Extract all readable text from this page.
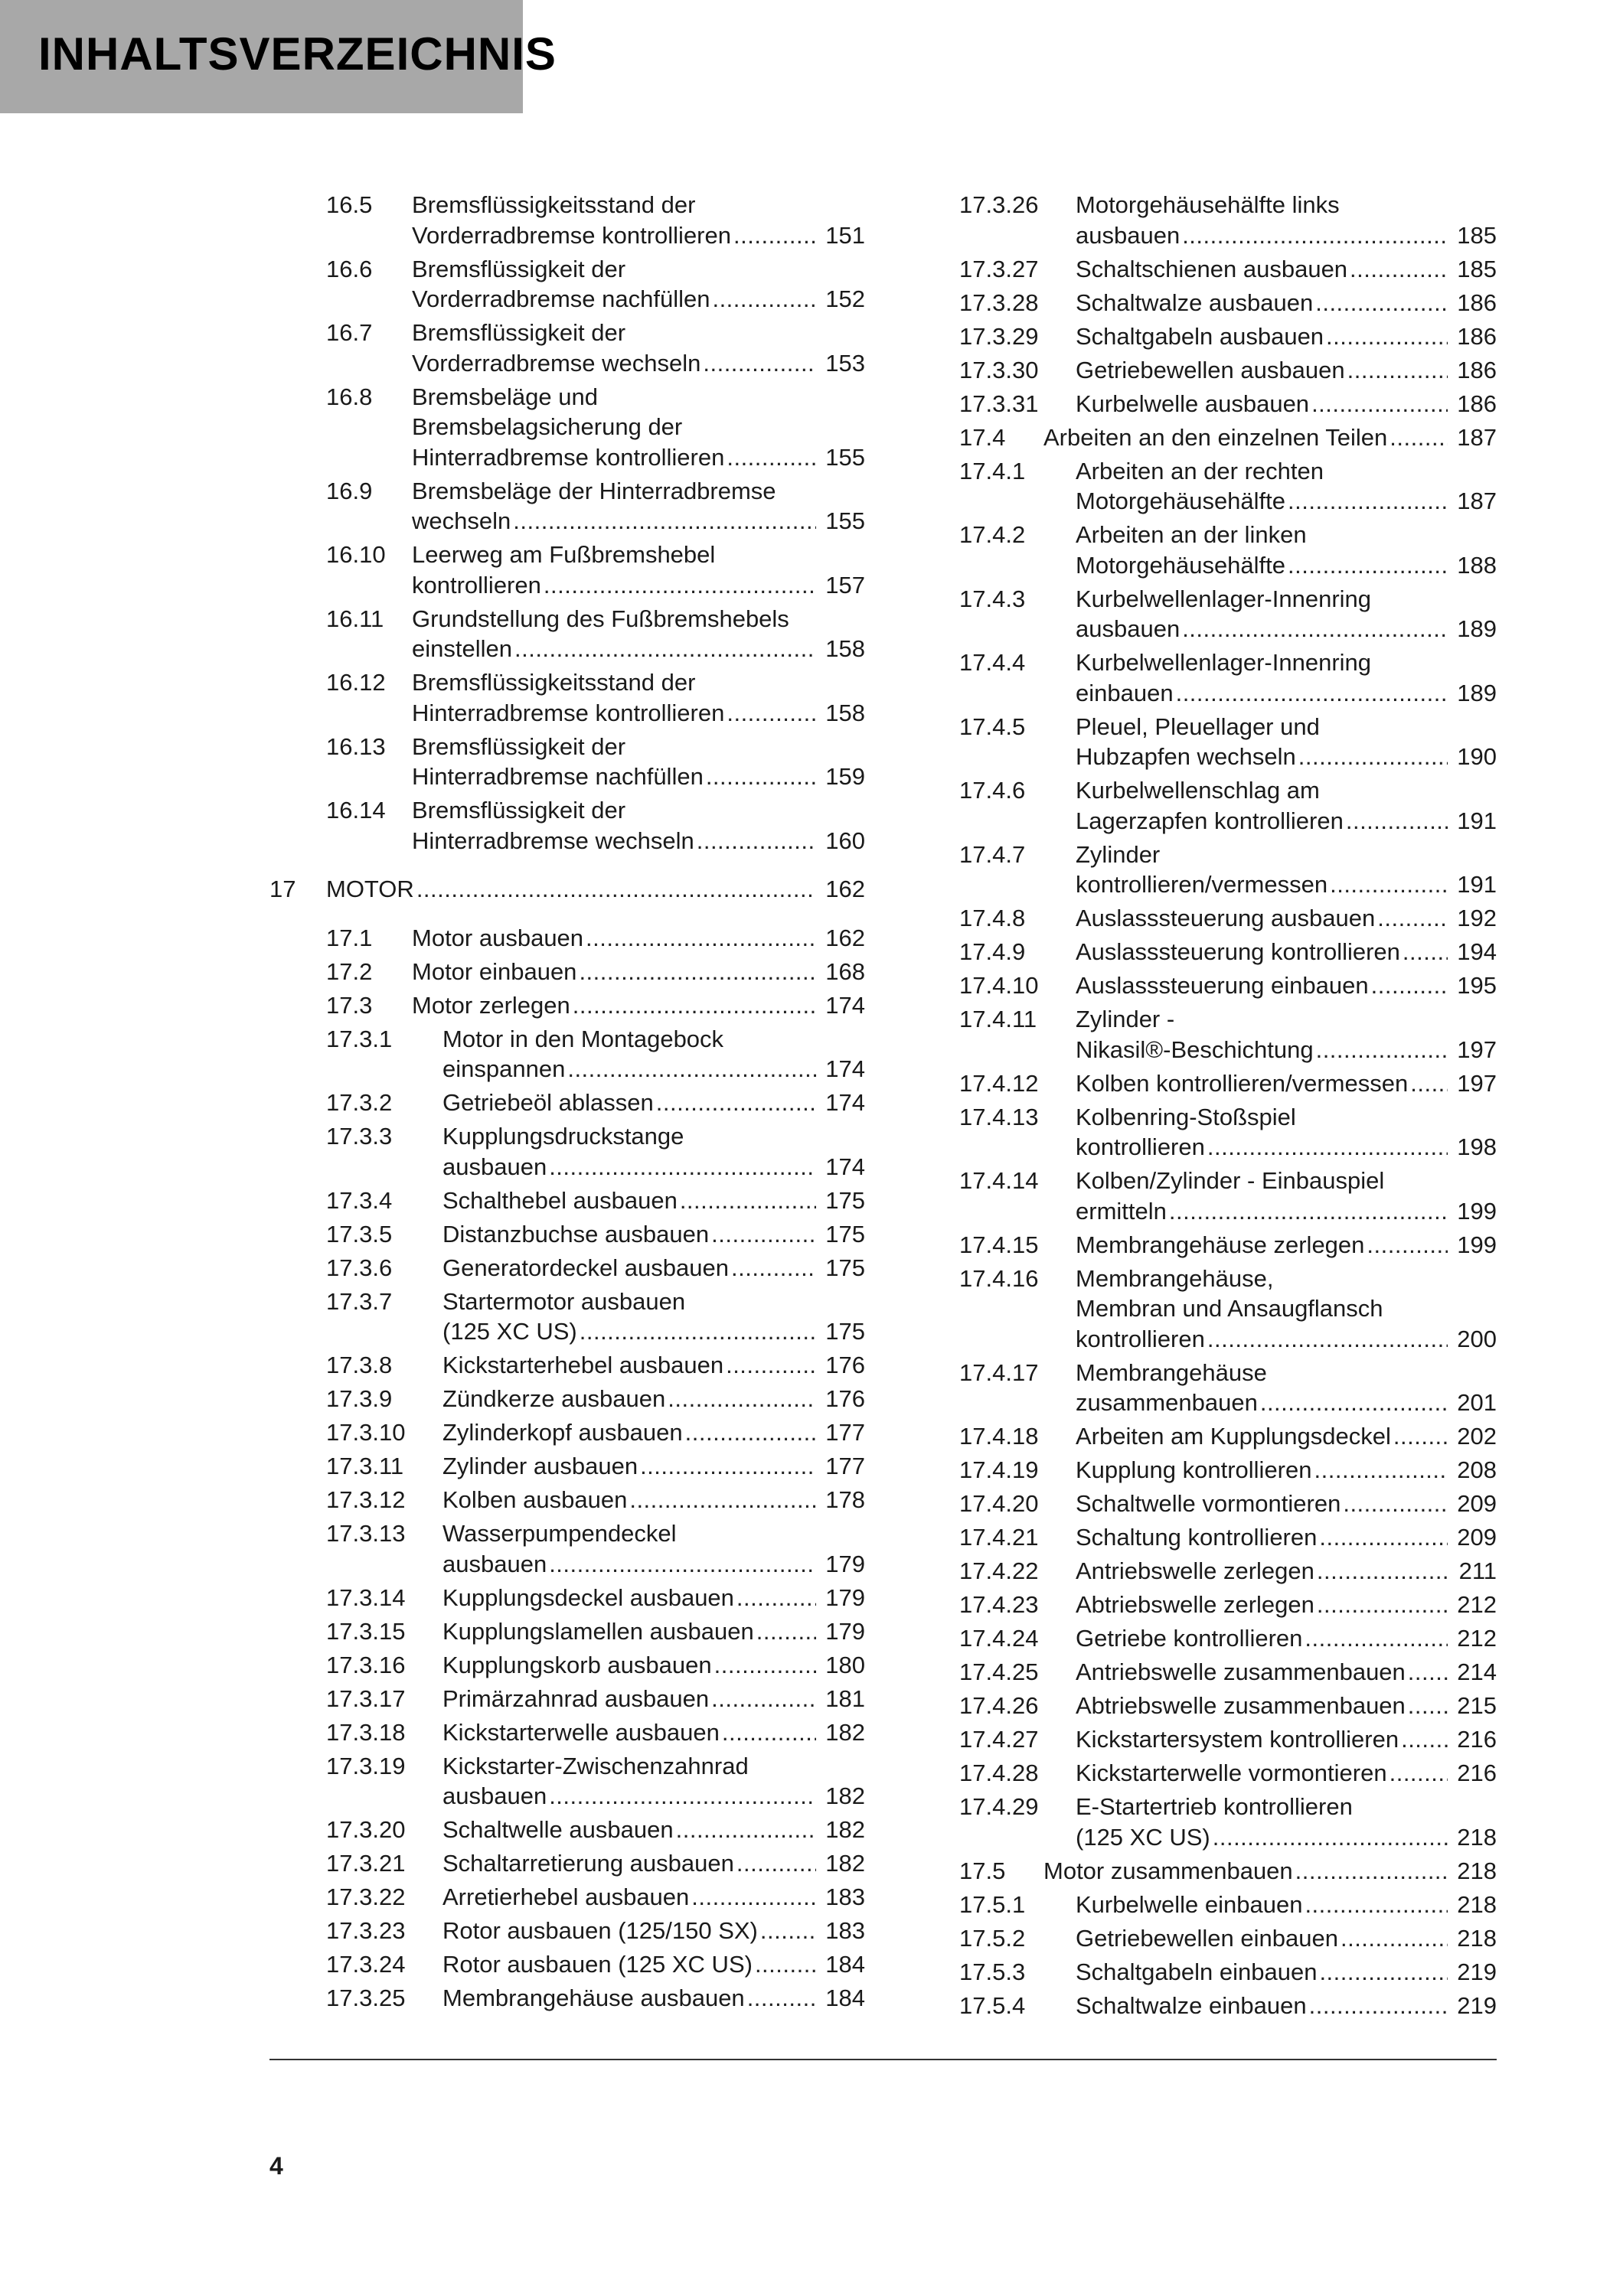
INHALTSVERZEICHNIS
16.5 Bremsflüssigkeitsstand der
Vorderradbremse kontrollieren .....	151
16.6 Bremsflüssigkeit der
Vorderradbremse nachfüllen .....	152
16.7 Bremsflüssigkeit der
Vorderradbremse wechseln .....	153
16.8 Bremsbeläge und
Bremsbelagsicherung der
Hinterradbremse kontrollieren .....	155
16.9 Bremsbeläge der Hinterradbremse
wechseln .....	155
16.10 Leerweg am Fußbremshebel
kontrollieren .....	157
16.11 Grundstellung des Fußbremshebels
einstellen .....	158
16.12 Bremsflüssigkeitsstand der
Hinterradbremse kontrollieren .....	158
16.13 Bremsflüssigkeit der
Hinterradbremse nachfüllen .....	159
16.14 Bremsflüssigkeit der
Hinterradbremse wechseln .....	160
17 MOTOR .....	162
17.1 Motor ausbauen .....	162
17.2 Motor einbauen .....	168
17.3 Motor zerlegen .....	174
17.3.1 Motor in den Montagebock
einspannen .....	174
17.3.2 Getriebeöl ablassen .....	174
17.3.3 Kupplungsdruckstange
ausbauen .....	174
17.3.4 Schalthebel ausbauen .....	175
17.3.5 Distanzbuchse ausbauen .....	175
17.3.6 Generatordeckel ausbauen .....	175
17.3.7 Startermotor ausbauen
(125 XC US) .....	175
17.3.8 Kickstarterhebel ausbauen .....	176
17.3.9 Zündkerze ausbauen .....	176
17.3.10 Zylinderkopf ausbauen .....	177
17.3.11 Zylinder ausbauen .....	177
17.3.12 Kolben ausbauen .....	178
17.3.13 Wasserpumpendeckel
ausbauen .....	179
17.3.14 Kupplungsdeckel ausbauen .....	179
17.3.15 Kupplungslamellen ausbauen .....	179
17.3.16 Kupplungskorb ausbauen .....	180
17.3.17 Primärzahnrad ausbauen .....	181
17.3.18 Kickstarterwelle ausbauen .....	182
17.3.19 Kickstarter-Zwischenzahnrad
ausbauen .....	182
17.3.20 Schaltwelle ausbauen .....	182
17.3.21 Schaltarretierung ausbauen .....	182
17.3.22 Arretierhebel ausbauen .....	183
17.3.23 Rotor ausbauen (125/150 SX) .....	183
17.3.24 Rotor ausbauen (125 XC US) .....	184
17.3.25 Membrangehäuse ausbauen .....	184
17.3.26 Motorgehäusehälfte links
ausbauen .....	185
17.3.27 Schaltschienen ausbauen .....	185
17.3.28 Schaltwalze ausbauen .....	186
17.3.29 Schaltgabeln ausbauen .....	186
17.3.30 Getriebewellen ausbauen .....	186
17.3.31 Kurbelwelle ausbauen .....	186
17.4 Arbeiten an den einzelnen Teilen .....	187
17.4.1 Arbeiten an der rechten
Motorgehäusehälfte .....	187
17.4.2 Arbeiten an der linken
Motorgehäusehälfte .....	188
17.4.3 Kurbelwellenlager-Innenring
ausbauen .....	189
17.4.4 Kurbelwellenlager-Innenring
einbauen .....	189
17.4.5 Pleuel, Pleuellager und
Hubzapfen wechseln .....	190
17.4.6 Kurbelwellenschlag am
Lagerzapfen kontrollieren .....	191
17.4.7 Zylinder
kontrollieren/vermessen .....	191
17.4.8 Auslasssteuerung ausbauen .....	192
17.4.9 Auslasssteuerung kontrollieren ..... 194
17.4.10 Auslasssteuerung einbauen .....	195
17.4.11 Zylinder -
Nikasil®-Beschichtung .....	197
17.4.12 Kolben kontrollieren/vermessen ..... 197
17.4.13 Kolbenring-Stoßspiel
kontrollieren .....	198
17.4.14 Kolben/Zylinder - Einbauspiel
ermitteln .....	199
17.4.15 Membrangehäuse zerlegen .....	199
17.4.16 Membrangehäuse,
Membran und Ansaugflansch
kontrollieren .....	200
17.4.17 Membrangehäuse
zusammenbauen .....	201
17.4.18 Arbeiten am Kupplungsdeckel .....	202
17.4.19 Kupplung kontrollieren .....	208
17.4.20 Schaltwelle vormontieren .....	209
17.4.21 Schaltung kontrollieren .....	209
17.4.22 Antriebswelle zerlegen .....	211
17.4.23 Abtriebswelle zerlegen .....	212
17.4.24 Getriebe kontrollieren .....	212
17.4.25 Antriebswelle zusammenbauen ..... 214
17.4.26 Abtriebswelle zusammenbauen ..... 215
17.4.27 Kickstartersystem kontrollieren ..... 216
17.4.28 Kickstarterwelle vormontieren .....	216
17.4.29 E-Startertrieb kontrollieren
(125 XC US) .....	218
17.5 Motor zusammenbauen .....	218
17.5.1 Kurbelwelle einbauen .....	218
17.5.2 Getriebewellen einbauen .....	218
17.5.3 Schaltgabeln einbauen .....	219
17.5.4 Schaltwalze einbauen .....	219
4
